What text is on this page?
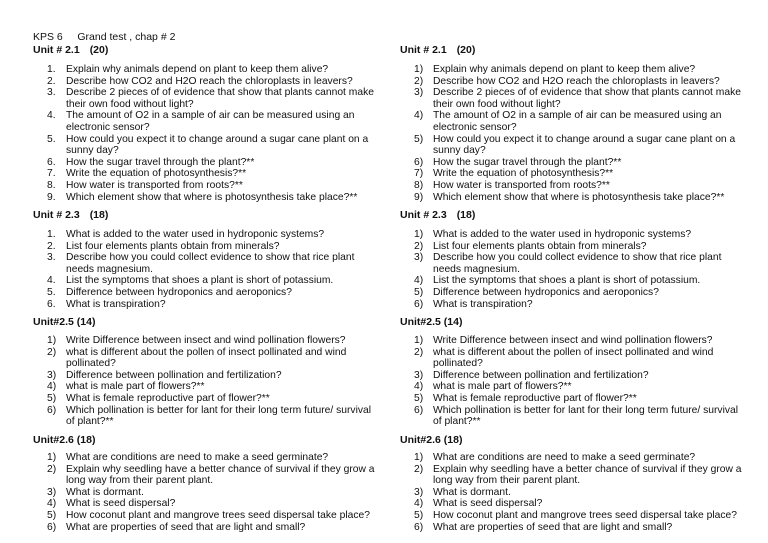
KPS 6     Grand test , chap # 2
Unit # 2.1 (20)
1. Explain why animals depend on plant to keep them alive?
2. Describe how CO2 and H2O reach the chloroplasts in leavers?
3. Describe 2 pieces of of evidence that show that plants cannot make their own food without light?
4. The amount of O2 in a sample of air can be measured using an electronic sensor?
5. How could you expect it to change around a sugar cane plant on a sunny day?
6. How the sugar travel through the plant?**
7. Write the equation of photosynthesis?**
8. How water is transported from roots?**
9. Which element show that where is photosynthesis take place?**
Unit # 2.3 (18)
1. What is added to the water used in hydroponic systems?
2. List four elements plants obtain from minerals?
3. Describe how you could collect evidence to show that rice plant needs magnesium.
4. List the symptoms that shoes a plant is short of potassium.
5. Difference between hydroponics and aeroponics?
6. What is transpiration?
Unit#2.5 (14)
1) Write Difference between insect and wind pollination flowers?
2) what is different about the pollen of insect pollinated and wind pollinated?
3) Difference between pollination and fertilization?
4) what is male part of flowers?**
5) What is female reproductive part of flower?**
6) Which pollination is better for lant for their long term future/ survival of plant?**
Unit#2.6 (18)
1) What are conditions are need to make a seed germinate?
2) Explain why seedling have a better chance of survival if they grow a long way from their parent plant.
3) What is dormant.
4) What is seed dispersal?
5) How coconut plant and mangrove trees seed dispersal take place?
6) What are properties of seed that are light and small?
Unit # 2.1 (20)
1) Explain why animals depend on plant to keep them alive?
2) Describe how CO2 and H2O reach the chloroplasts in leavers?
3) Describe 2 pieces of of evidence that show that plants cannot make their own food without light?
4) The amount of O2 in a sample of air can be measured using an electronic sensor?
5) How could you expect it to change around a sugar cane plant on a sunny day?
6) How the sugar travel through the plant?**
7) Write the equation of photosynthesis?**
8) How water is transported from roots?**
9) Which element show that where is photosynthesis take place?**
Unit # 2.3 (18)
1) What is added to the water used in hydroponic systems?
2) List four elements plants obtain from minerals?
3) Describe how you could collect evidence to show that rice plant needs magnesium.
4) List the symptoms that shoes a plant is short of potassium.
5) Difference between hydroponics and aeroponics?
6) What is transpiration?
Unit#2.5 (14)
1) Write Difference between insect and wind pollination flowers?
2) what is different about the pollen of insect pollinated and wind pollinated?
3) Difference between pollination and fertilization?
4) what is male part of flowers?**
5) What is female reproductive part of flower?**
6) Which pollination is better for lant for their long term future/ survival of plant?**
Unit#2.6 (18)
1) What are conditions are need to make a seed germinate?
2) Explain why seedling have a better chance of survival if they grow a long way from their parent plant.
3) What is dormant.
4) What is seed dispersal?
5) How coconut plant and mangrove trees seed dispersal take place?
6) What are properties of seed that are light and small?
